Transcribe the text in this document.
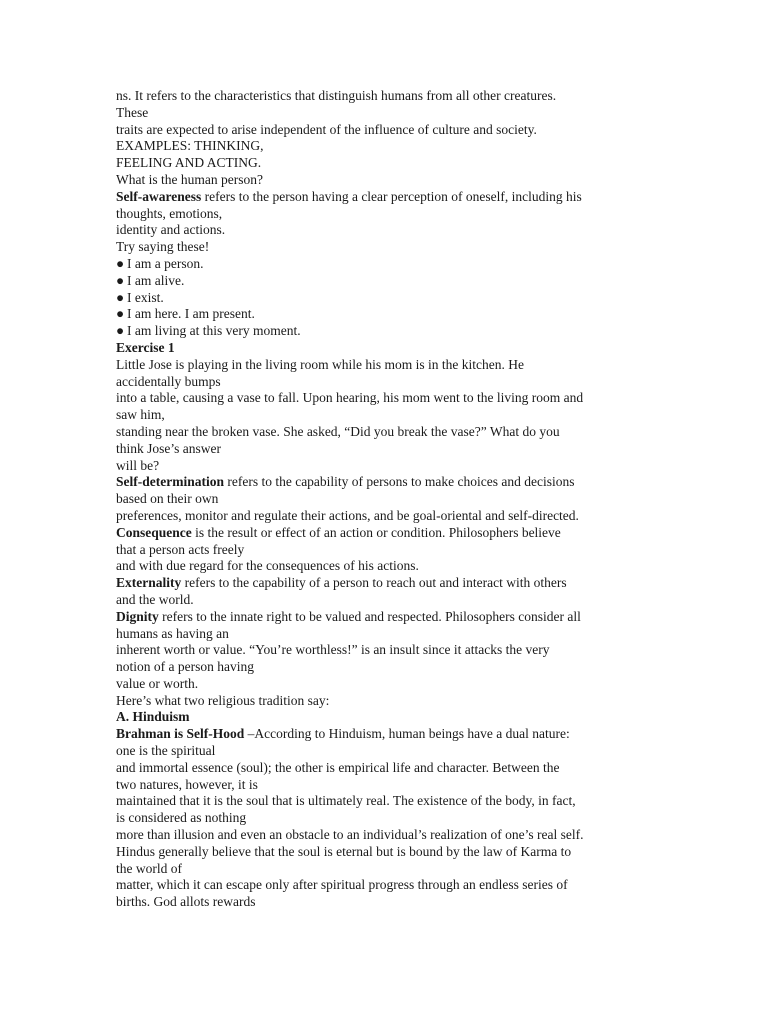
ns. It refers to the characteristics that distinguish humans from all other creatures.
These
traits are expected to arise independent of the influence of culture and society.
EXAMPLES: THINKING,
FEELING AND ACTING.
What is the human person?
Self-awareness refers to the person having a clear perception of oneself, including his
thoughts, emotions,
identity and actions.
Try saying these!
● I am a person.
● I am alive.
● I exist.
● I am here. I am present.
● I am living at this very moment.
Exercise 1
Little Jose is playing in the living room while his mom is in the kitchen. He
accidentally bumps
into a table, causing a vase to fall. Upon hearing, his mom went to the living room and
saw him,
standing near the broken vase. She asked, “Did you break the vase?” What do you
think Jose’s answer
will be?
Self-determination refers to the capability of persons to make choices and decisions
based on their own
preferences, monitor and regulate their actions, and be goal-oriental and self-directed.
Consequence is the result or effect of an action or condition. Philosophers believe
that a person acts freely
and with due regard for the consequences of his actions.
Externality refers to the capability of a person to reach out and interact with others
and the world.
Dignity refers to the innate right to be valued and respected. Philosophers consider all
humans as having an
inherent worth or value. “You’re worthless!” is an insult since it attacks the very
notion of a person having
value or worth.
Here’s what two religious tradition say:
A. Hinduism
Brahman is Self-Hood –According to Hinduism, human beings have a dual nature:
one is the spiritual
and immortal essence (soul); the other is empirical life and character. Between the
two natures, however, it is
maintained that it is the soul that is ultimately real. The existence of the body, in fact,
is considered as nothing
more than illusion and even an obstacle to an individual’s realization of one’s real self.
Hindus generally believe that the soul is eternal but is bound by the law of Karma to
the world of
matter, which it can escape only after spiritual progress through an endless series of
births. God allots rewards
